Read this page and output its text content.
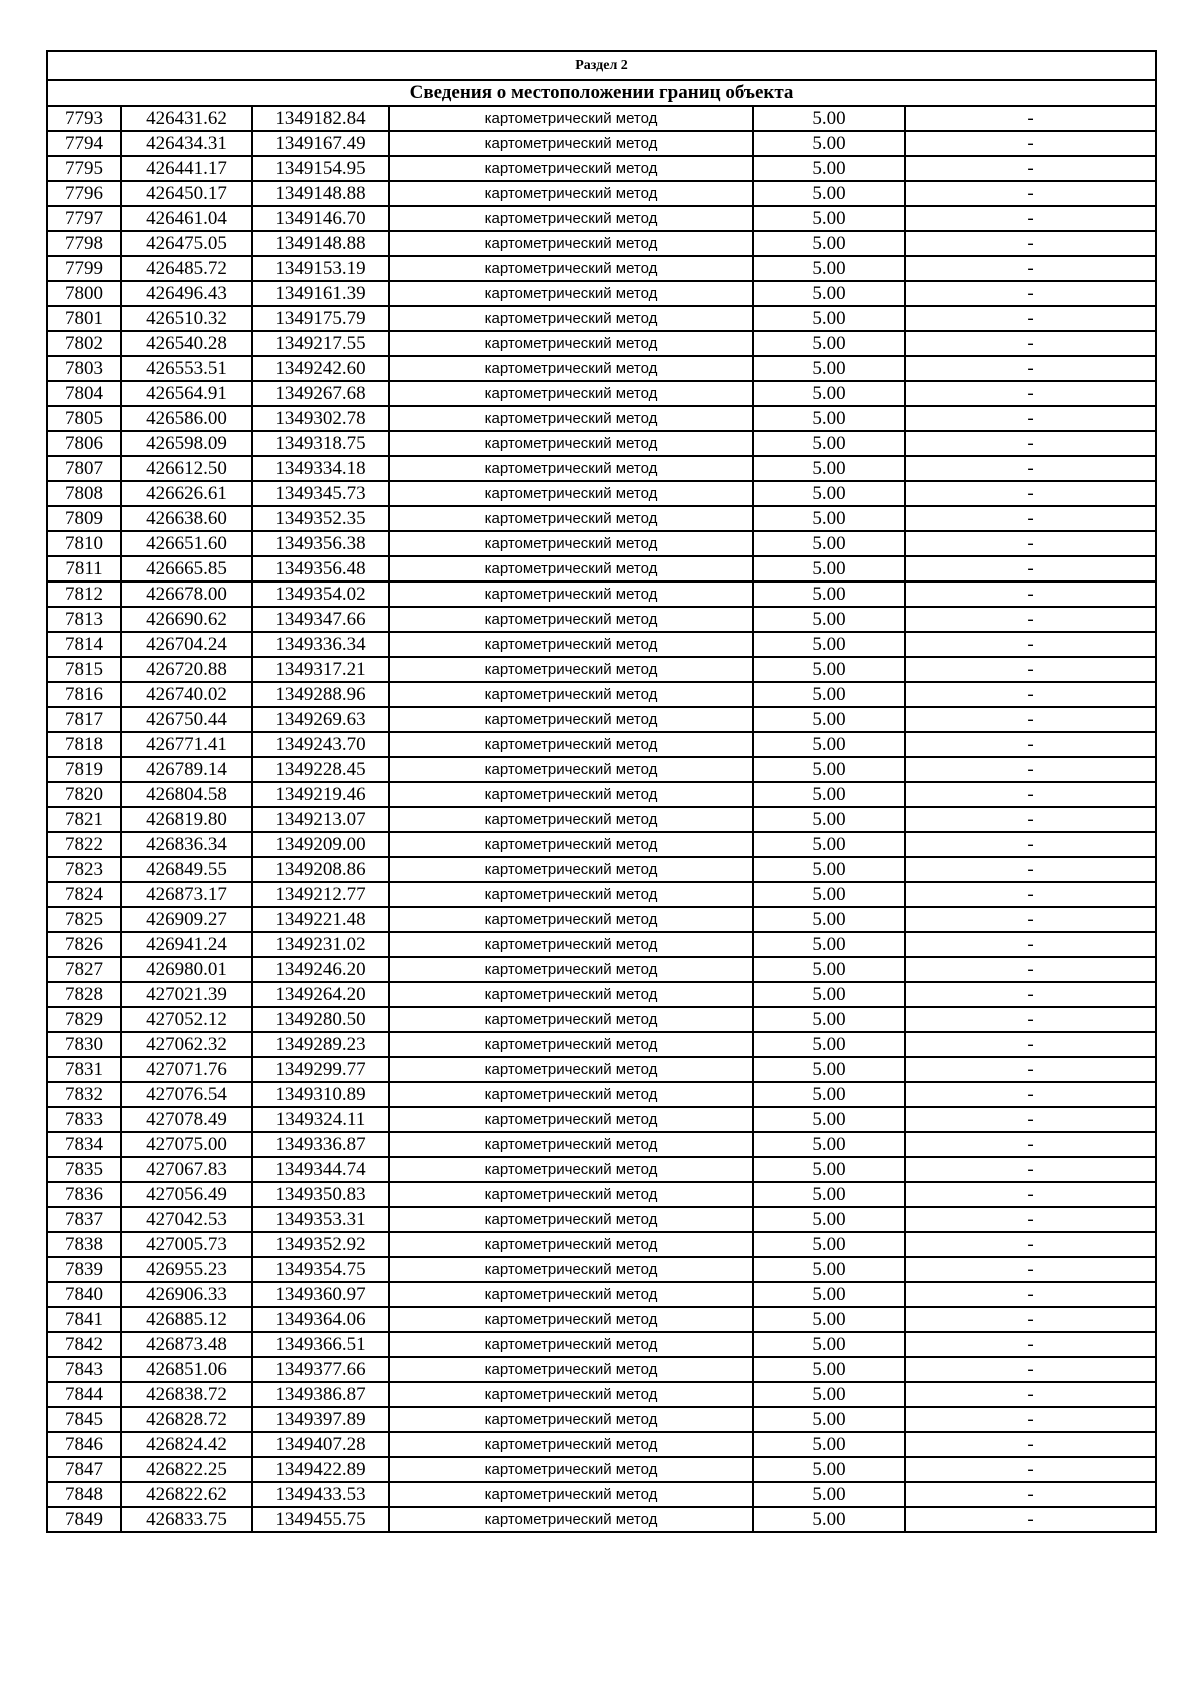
Раздел 2					
Сведения о местоположении границ объекта					
7793	426431.62	1349182.84	картометрический метод	5.00	-
7794	426434.31	1349167.49	картометрический метод	5.00	-
7795	426441.17	1349154.95	картометрический метод	5.00	-
7796	426450.17	1349148.88	картометрический метод	5.00	-
7797	426461.04	1349146.70	картометрический метод	5.00	-
7798	426475.05	1349148.88	картометрический метод	5.00	-
7799	426485.72	1349153.19	картометрический метод	5.00	-
7800	426496.43	1349161.39	картометрический метод	5.00	-
7801	426510.32	1349175.79	картометрический метод	5.00	-
7802	426540.28	1349217.55	картометрический метод	5.00	-
7803	426553.51	1349242.60	картометрический метод	5.00	-
7804	426564.91	1349267.68	картометрический метод	5.00	-
7805	426586.00	1349302.78	картометрический метод	5.00	-
7806	426598.09	1349318.75	картометрический метод	5.00	-
7807	426612.50	1349334.18	картометрический метод	5.00	-
7808	426626.61	1349345.73	картометрический метод	5.00	-
7809	426638.60	1349352.35	картометрический метод	5.00	-
7810	426651.60	1349356.38	картометрический метод	5.00	-
7811	426665.85	1349356.48	картометрический метод	5.00	-
7812	426678.00	1349354.02	картометрический метод	5.00	-
7813	426690.62	1349347.66	картометрический метод	5.00	-
7814	426704.24	1349336.34	картометрический метод	5.00	-
7815	426720.88	1349317.21	картометрический метод	5.00	-
7816	426740.02	1349288.96	картометрический метод	5.00	-
7817	426750.44	1349269.63	картометрический метод	5.00	-
7818	426771.41	1349243.70	картометрический метод	5.00	-
7819	426789.14	1349228.45	картометрический метод	5.00	-
7820	426804.58	1349219.46	картометрический метод	5.00	-
7821	426819.80	1349213.07	картометрический метод	5.00	-
7822	426836.34	1349209.00	картометрический метод	5.00	-
7823	426849.55	1349208.86	картометрический метод	5.00	-
7824	426873.17	1349212.77	картометрический метод	5.00	-
7825	426909.27	1349221.48	картометрический метод	5.00	-
7826	426941.24	1349231.02	картометрический метод	5.00	-
7827	426980.01	1349246.20	картометрический метод	5.00	-
7828	427021.39	1349264.20	картометрический метод	5.00	-
7829	427052.12	1349280.50	картометрический метод	5.00	-
7830	427062.32	1349289.23	картометрический метод	5.00	-
7831	427071.76	1349299.77	картометрический метод	5.00	-
7832	427076.54	1349310.89	картометрический метод	5.00	-
7833	427078.49	1349324.11	картометрический метод	5.00	-
7834	427075.00	1349336.87	картометрический метод	5.00	-
7835	427067.83	1349344.74	картометрический метод	5.00	-
7836	427056.49	1349350.83	картометрический метод	5.00	-
7837	427042.53	1349353.31	картометрический метод	5.00	-
7838	427005.73	1349352.92	картометрический метод	5.00	-
7839	426955.23	1349354.75	картометрический метод	5.00	-
7840	426906.33	1349360.97	картометрический метод	5.00	-
7841	426885.12	1349364.06	картометрический метод	5.00	-
7842	426873.48	1349366.51	картометрический метод	5.00	-
7843	426851.06	1349377.66	картометрический метод	5.00	-
7844	426838.72	1349386.87	картометрический метод	5.00	-
7845	426828.72	1349397.89	картометрический метод	5.00	-
7846	426824.42	1349407.28	картометрический метод	5.00	-
7847	426822.25	1349422.89	картометрический метод	5.00	-
7848	426822.62	1349433.53	картометрический метод	5.00	-
7849	426833.75	1349455.75	картометрический метод	5.00	-
